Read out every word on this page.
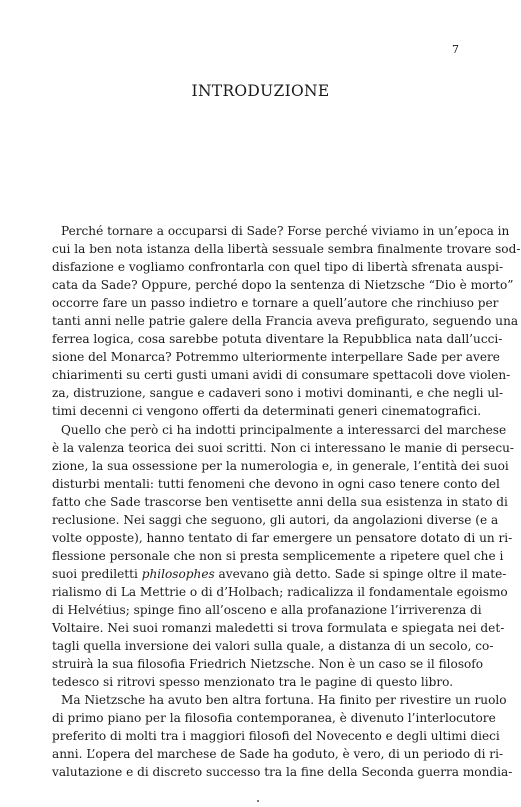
7
INTRODUZIONE
Perché tornare a occuparsi di Sade? Forse perché viviamo in un’epoca in
cui la ben nota istanza della libertà sessuale sembra finalmente trovare sod-
disfazione e vogliamo confrontarla con quel tipo di libertà sfrenata auspi-
cata da Sade? Oppure, perché dopo la sentenza di Nietzsche “Dio è morto”
occorre fare un passo indietro e tornare a quell’autore che rinchiuso per
tanti anni nelle patrie galere della Francia aveva prefigurato, seguendo una
ferrea logica, cosa sarebbe potuta diventare la Repubblica nata dall’ucci-
sione del Monarca? Potremmo ulteriormente interpellare Sade per avere
chiarimenti su certi gusti umani avidi di consumare spettacoli dove violen-
za, distruzione, sangue e cadaveri sono i motivi dominanti, e che negli ul-
timi decenni ci vengono offerti da determinati generi cinematografici.
Quello che però ci ha indotti principalmente a interessarci del marchese
è la valenza teorica dei suoi scritti. Non ci interessano le manie di persecu-
zione, la sua ossessione per la numerologia e, in generale, l’entità dei suoi
disturbi mentali: tutti fenomeni che devono in ogni caso tenere conto del
fatto che Sade trascorse ben ventisette anni della sua esistenza in stato di
reclusione. Nei saggi che seguono, gli autori, da angolazioni diverse (e a
volte opposte), hanno tentato di far emergere un pensatore dotato di un ri-
flessione personale che non si presta semplicemente a ripetere quel che i
suoi prediletti philosophes avevano già detto. Sade si spinge oltre il mate-
rialismo di La Mettrie o di d’Holbach; radicalizza il fondamentale egoismo
di Helvétius; spinge fino all’osceno e alla profanazione l’irriverenza di
Voltaire. Nei suoi romanzi maledetti si trova formulata e spiegata nei det-
tagli quella inversione dei valori sulla quale, a distanza di un secolo, co-
struirà la sua filosofia Friedrich Nietzsche. Non è un caso se il filosofo
tedesco si ritrovi spesso menzionato tra le pagine di questo libro.
Ma Nietzsche ha avuto ben altra fortuna. Ha finito per rivestire un ruolo
di primo piano per la filosofia contemporanea, è divenuto l’interlocutore
preferito di molti tra i maggiori filosofi del Novecento e degli ultimi dieci
anni. L’opera del marchese de Sade ha goduto, è vero, di un periodo di ri-
valutazione e di discreto successo tra la fine della Seconda guerra mondia-
